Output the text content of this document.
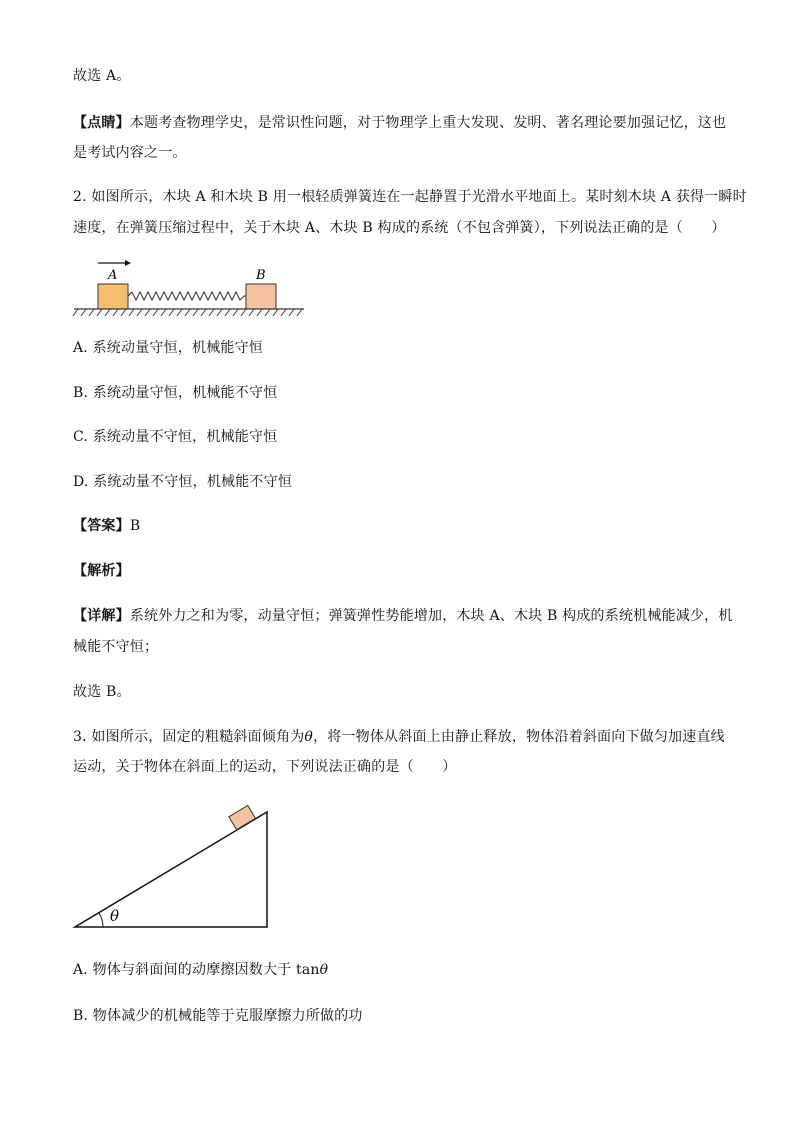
故选 A。
【点睛】本题考查物理学史，是常识性问题，对于物理学上重大发现、发明、著名理论要加强记忆，这也
是考试内容之一。
2. 如图所示，木块 A 和木块 B 用一根轻质弹簧连在一起静置于光滑水平地面上。某时刻木块 A 获得一瞬时
速度，在弹簧压缩过程中，关于木块 A、木块 B 构成的系统（不包含弹簧），下列说法正确的是（　　）
A	B
A. 系统动量守恒，机械能守恒
B. 系统动量守恒，机械能不守恒
C. 系统动量不守恒，机械能守恒
D. 系统动量不守恒，机械能不守恒
【答案】B
【解析】
【详解】系统外力之和为零，动量守恒；弹簧弹性势能增加，木块 A、木块 B 构成的系统机械能减少，机
械能不守恒；
故选 B。
3. 如图所示，固定的粗糙斜面倾角为θ，将一物体从斜面上由静止释放，物体沿着斜面向下做匀加速直线
运动，关于物体在斜面上的运动，下列说法正确的是（　　）
θ
A. 物体与斜面间的动摩擦因数大于 tanθ
B. 物体减少的机械能等于克服摩擦力所做的功
